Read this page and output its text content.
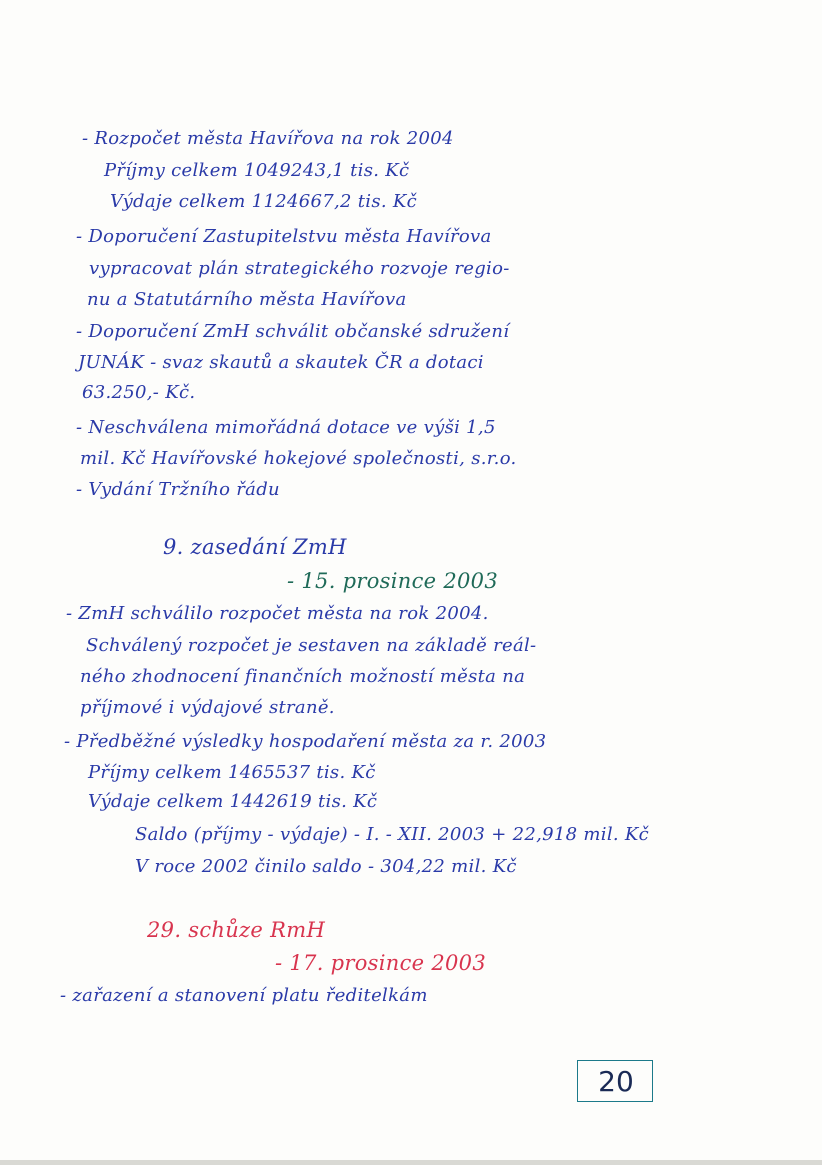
- Rozpočet města Havířova na rok 2004
Příjmy celkem 1049243,1 tis. Kč
Výdaje celkem 1124667,2 tis. Kč
- Doporučení Zastupitelstvu města Havířova
vypracovat plán strategického rozvoje regio-
nu a Statutárního města Havířova
- Doporučení ZmH schválit občanské sdružení
JUNÁK - svaz skautů a skautek ČR a dotaci
63.250,- Kč.
- Neschválena mimořádná dotace ve výši 1,5
mil. Kč Havířovské hokejové společnosti, s.r.o.
- Vydání Tržního řádu
9. zasedání ZmH
- 15. prosince 2003
- ZmH schválilo rozpočet města na rok 2004.
Schválený rozpočet je sestaven na základě reál-
ného zhodnocení finančních možností města na
příjmové i výdajové straně.
- Předběžné výsledky hospodaření města za r. 2003
Příjmy celkem 1465537 tis. Kč
Výdaje celkem 1442619 tis. Kč
Saldo (příjmy - výdaje) - I. - XII. 2003 + 22,918 mil. Kč
V roce 2002 činilo saldo - 304,22 mil. Kč
29. schůze RmH
- 17. prosince 2003
- zařazení a stanovení platu ředitelkám
20
